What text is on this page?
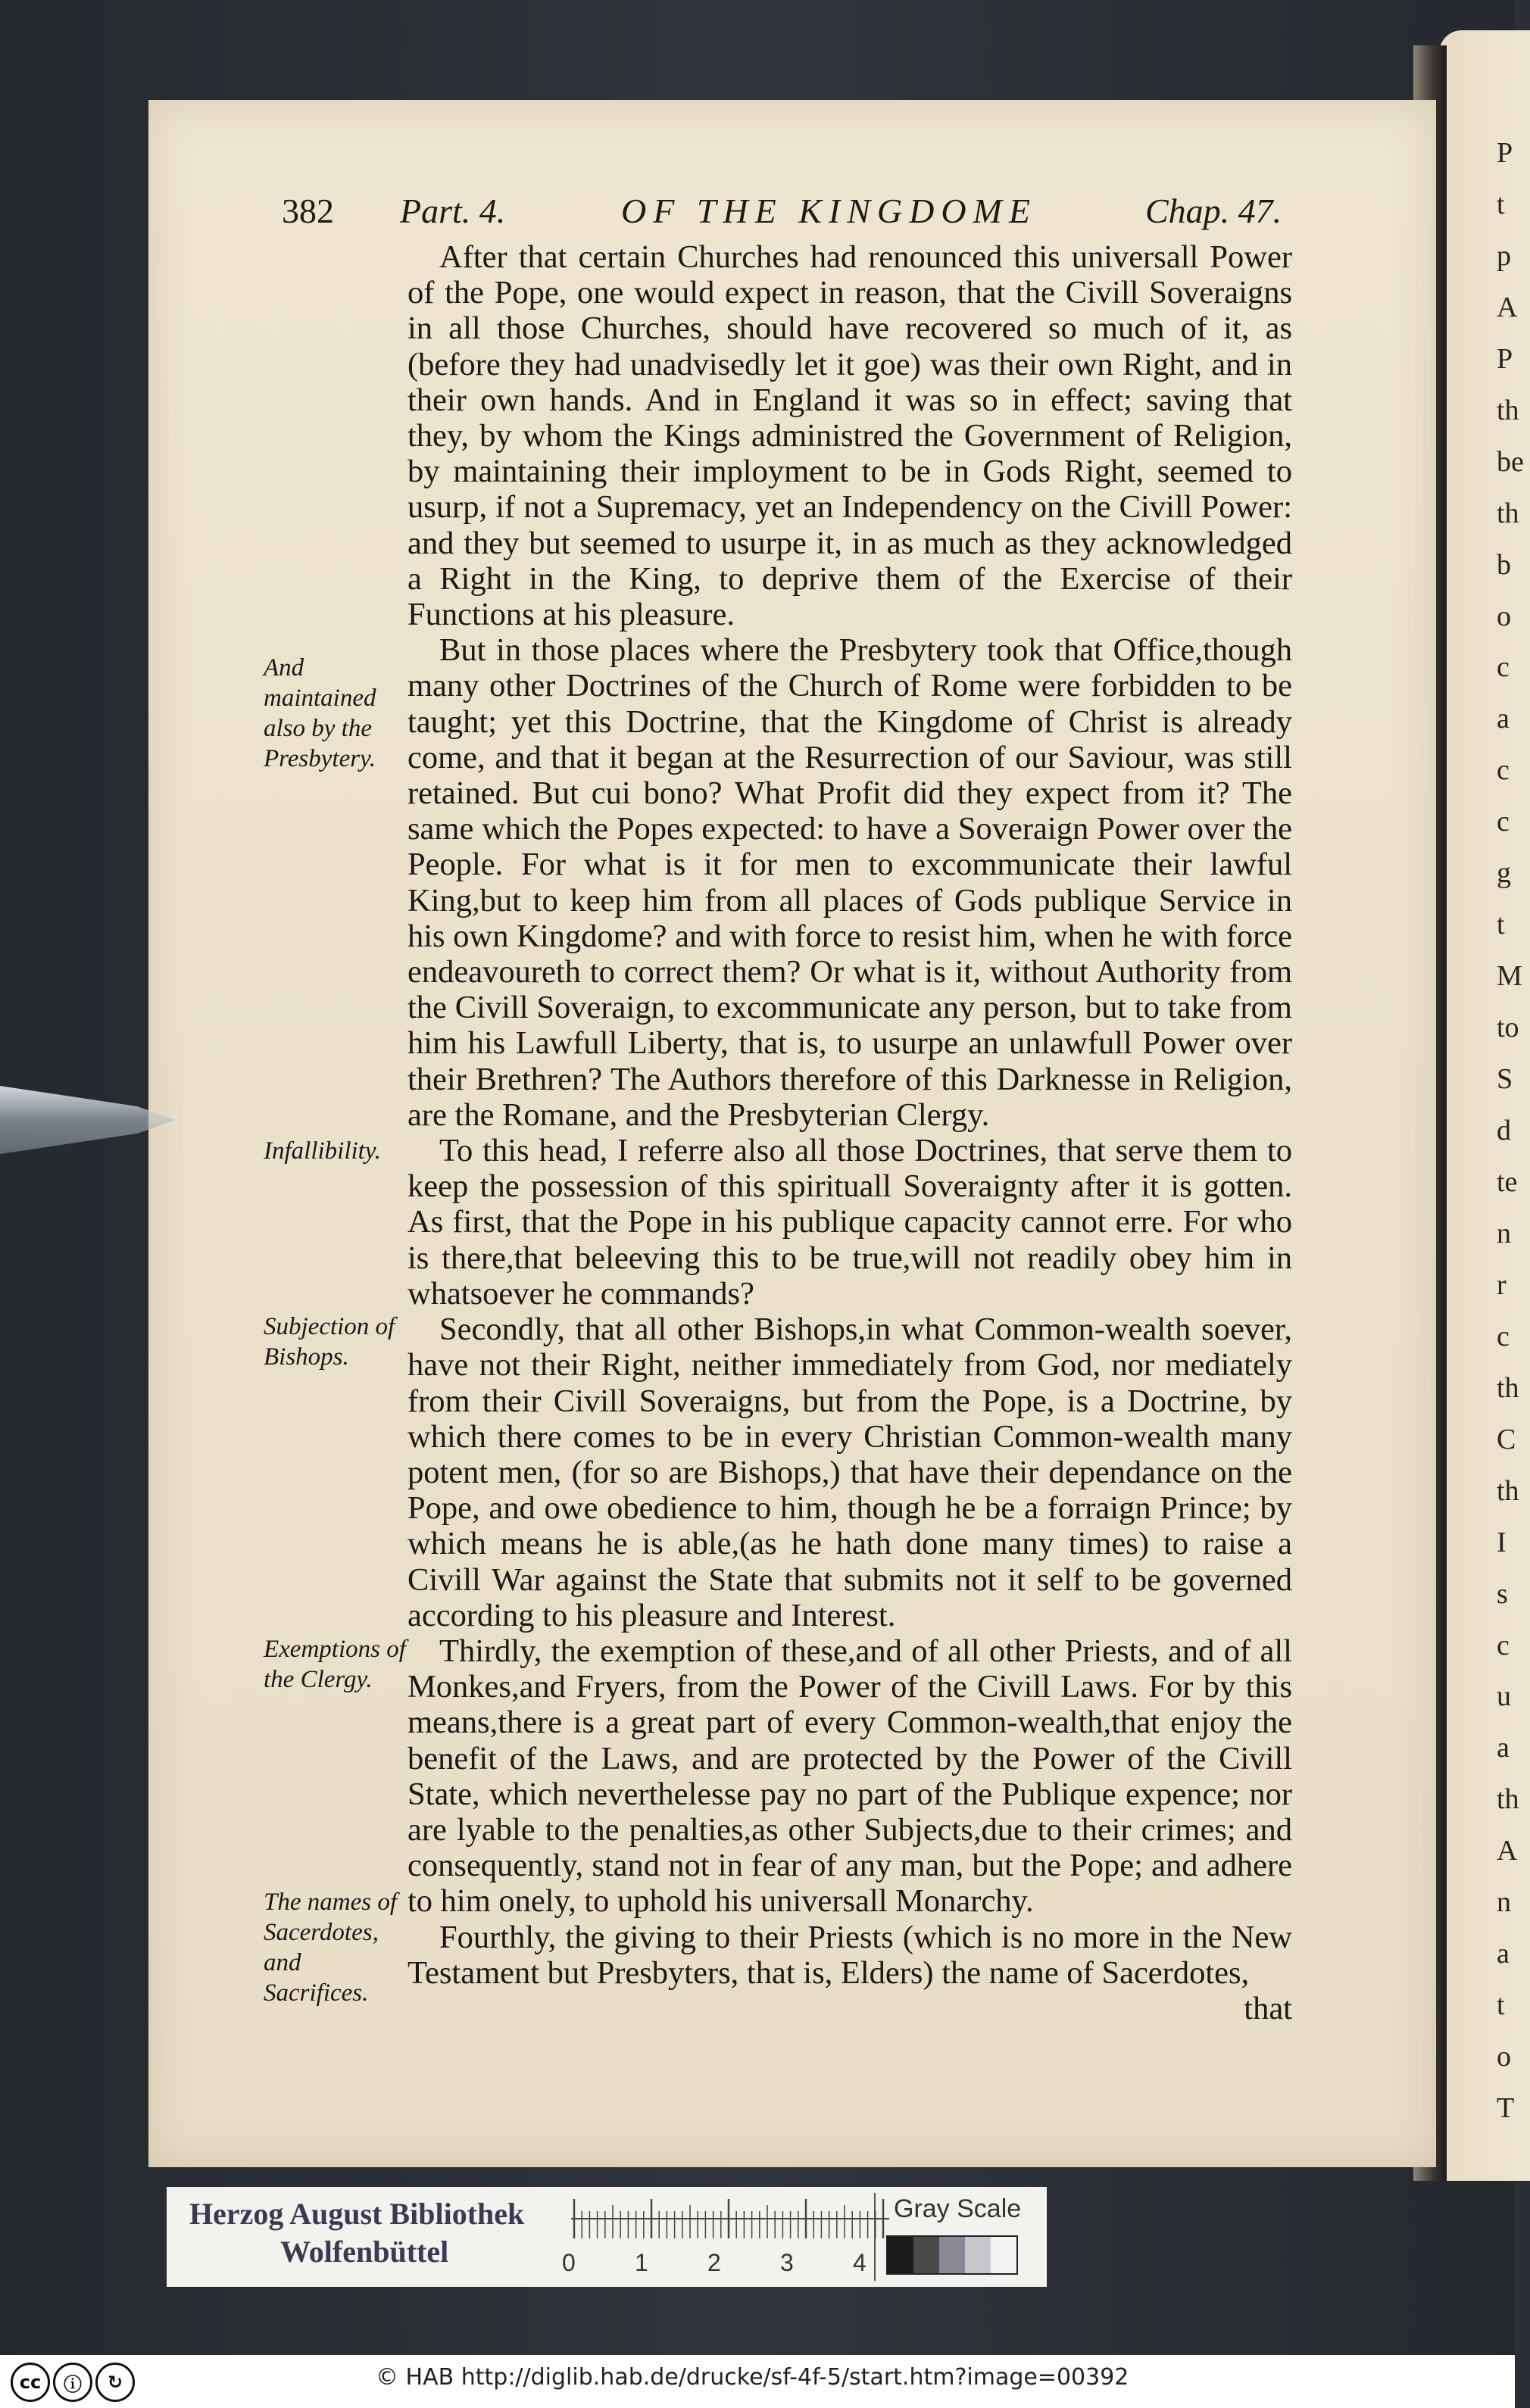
382 Part. 4.	OF THE KINGDOME	Chap. 47.

After that certain Churches had renounced this universall Power of the Pope, one would expect in reason, that the Civill Soveraigns in all those Churches, should have recovered so much of it, as (before they had unadvisedly let it goe) was their own Right, and in their own hands. And in England it was so in effect; saving that they, by whom the Kings administred the Government of Religion, by maintaining their imployment to be in Gods Right, seemed to usurp, if not a Supremacy, yet an Independency on the Civill Power: and they but seemed to usurpe it, in as much as they acknowledged a Right in the King, to deprive them of the Exercise of their Functions at his pleasure.

But in those places where the Presbytery took that Office,though many other Doctrines of the Church of Rome were forbidden to be taught; yet this Doctrine, that the Kingdome of Christ is already come, and that it began at the Resurrection of our Saviour, was still retained. But cui bono? What Profit did they expect from it? The same which the Popes expected: to have a Soveraign Power over the People. For what is it for men to excommunicate their lawful King,but to keep him from all places of Gods publique Service in his own Kingdome? and with force to resist him, when he with force endeavoureth to correct them? Or what is it, without Authority from the Civill Soveraign, to excommunicate any person, but to take from him his Lawfull Liberty, that is, to usurpe an unlawfull Power over their Brethren? The Authors therefore of this Darknesse in Religion, are the Romane, and the Presbyterian Clergy.

To this head, I referre also all those Doctrines, that serve them to keep the possession of this spirituall Soveraignty after it is gotten. As first, that the Pope in his publique capacity cannot erre. For who is there,that beleeving this to be true,will not readily obey him in whatsoever he commands?

Secondly, that all other Bishops,in what Common-wealth soever, have not their Right, neither immediately from God, nor mediately from their Civill Soveraigns, but from the Pope, is a Doctrine, by which there comes to be in every Christian Common-wealth many potent men, (for so are Bishops,) that have their dependance on the Pope, and owe obedience to him, though he be a forraign Prince; by which means he is able,(as he hath done many times) to raise a Civill War against the State that submits not it self to be governed according to his pleasure and Interest.

Thirdly, the exemption of these,and of all other Priests, and of all Monkes,and Fryers, from the Power of the Civill Laws. For by this means,there is a great part of every Common-wealth,that enjoy the benefit of the Laws, and are protected by the Power of the Civill State, which neverthelesse pay no part of the Publique expence; nor are lyable to the penalties,as other Subjects,due to their crimes; and consequently, stand not in fear of any man, but the Pope; and adhere to him onely, to uphold his universall Monarchy.

Fourthly, the giving to their Priests (which is no more in the New Testament but Presbyters, that is, Elders) the name of Sacerdotes,

that

And maintained also by the Presbytery.
Infallibility.
Subjection of Bishops.
Exemptions of the Clergy.
The names of Sacerdotes, and Sacrifices.
P
t
p
A
P
th
be
th
b
o
c
a
c
c
g
t
M
to
S
d
te
n
r
c
th
C
th
I
s
c
u
a
th
A
n
a
t
o
T
Herzog August Bibliothek
Wolfenbüttel	0 1 2 3 4
Gray Scale
cc	ⓘ	↻	© HAB http://diglib.hab.de/drucke/sf-4f-5/start.htm?image=00392
